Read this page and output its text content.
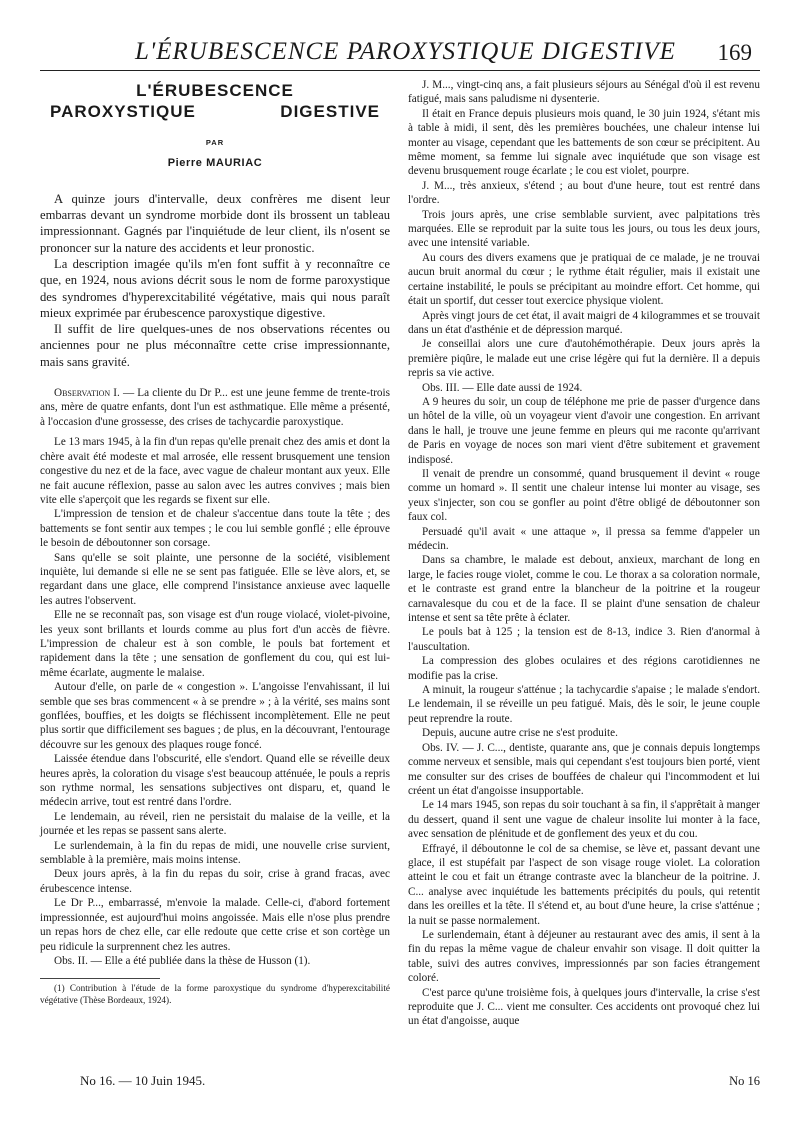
L'ÉRUBESCENCE PAROXYSTIQUE DIGESTIVE 169
L'ÉRUBESCENCE
PAROXYSTIQUE DIGESTIVE
PAR
Pierre MAURIAC

A quinze jours d'intervalle, deux confrères me disent leur embarras devant un syndrome morbide dont ils brossent un tableau impressionnant. Gagnés par l'inquiétude de leur client, ils n'osent se prononcer sur la nature des accidents et leur pronostic.

La description imagée qu'ils m'en font suffit à y reconnaître ce que, en 1924, nous avions décrit sous le nom de forme paroxystique des syndromes d'hyperexcitabilité végétative, mais qui nous paraît mieux exprimée par érubescence paroxystique digestive.

Il suffit de lire quelques-unes de nos observations récentes ou anciennes pour ne plus méconnaître cette crise impressionnante, mais sans gravité.

Observation I. — La cliente du Dr P... est une jeune femme de trente-trois ans, mère de quatre enfants, dont l'un est asthmatique. Elle même a présenté, à l'occasion d'une grossesse, des crises de tachycardie paroxystique.

Le 13 mars 1945, à la fin d'un repas qu'elle prenait chez des amis et dont la chère avait été modeste et mal arrosée, elle ressent brusquement une tension congestive du nez et de la face, avec vague de chaleur montant aux yeux. Elle ne fait aucune réflexion, passe au salon avec les autres convives ; mais bien vite elle s'aperçoit que les regards se fixent sur elle.

L'impression de tension et de chaleur s'accentue dans toute la tête ; des battements se font sentir aux tempes ; le cou lui semble gonflé ; elle éprouve le besoin de déboutonner son corsage.

Sans qu'elle se soit plainte, une personne de la société, visiblement inquiète, lui demande si elle ne se sent pas fatiguée. Elle se lève alors, et, se regardant dans une glace, elle comprend l'insistance anxieuse avec laquelle les autres l'observent.

Elle ne se reconnaît pas, son visage est d'un rouge violacé, violet-pivoine, les yeux sont brillants et lourds comme au plus fort d'un accès de fièvre. L'impression de chaleur est à son comble, le pouls bat fortement et rapidement dans la tête ; une sensation de gonflement du cou, qui est lui-même écarlate, augmente le malaise.

Autour d'elle, on parle de « congestion ». L'angoisse l'envahissant, il lui semble que ses bras commencent « à se prendre » ; à la vérité, ses mains sont gonflées, bouffies, et les doigts se fléchissent incomplètement. Elle ne peut plus sortir que difficilement ses bagues ; de plus, en la découvrant, l'entourage découvre sur les genoux des plaques rouge foncé.

Laissée étendue dans l'obscurité, elle s'endort. Quand elle se réveille deux heures après, la coloration du visage s'est beaucoup atténuée, le pouls a repris son rythme normal, les sensations subjectives ont disparu, et, quand le médecin arrive, tout est rentré dans l'ordre.

Le lendemain, au réveil, rien ne persistait du malaise de la veille, et la journée et les repas se passent sans alerte.

Le surlendemain, à la fin du repas de midi, une nouvelle crise survient, semblable à la première, mais moins intense.

Deux jours après, à la fin du repas du soir, crise à grand fracas, avec érubescence intense.

Le Dr P..., embarrassé, m'envoie la malade. Celle-ci, d'abord fortement impressionnée, est aujourd'hui moins angoissée. Mais elle n'ose plus prendre un repas hors de chez elle, car elle redoute que cette crise et son cortège un peu ridicule la surprennent chez les autres.

Obs. II. — Elle a été publiée dans la thèse de Husson (1).

(1) Contribution à l'étude de la forme paroxystique du syndrome d'hyperexcitabilité végétative (Thèse Bordeaux, 1924).

J. M..., vingt-cinq ans, a fait plusieurs séjours au Sénégal d'où il est revenu fatigué, mais sans paludisme ni dysenterie.

Il était en France depuis plusieurs mois quand, le 30 juin 1924, s'étant mis à table à midi, il sent, dès les premières bouchées, une chaleur intense lui monter au visage, cependant que les battements de son cœur se précipitent. Au même moment, sa femme lui signale avec inquiétude que son visage est devenu brusquement rouge écarlate ; le cou est violet, pourpre.

J. M..., très anxieux, s'étend ; au bout d'une heure, tout est rentré dans l'ordre.

Trois jours après, une crise semblable survient, avec palpitations très marquées. Elle se reproduit par la suite tous les jours, ou tous les deux jours, avec une intensité variable.

Au cours des divers examens que je pratiquai de ce malade, je ne trouvai aucun bruit anormal du cœur ; le rythme était régulier, mais il existait une certaine instabilité, le pouls se précipitant au moindre effort. Cet homme, qui était un sportif, dut cesser tout exercice physique violent.

Après vingt jours de cet état, il avait maigri de 4 kilogrammes et se trouvait dans un état d'asthénie et de dépression marqué.

Je conseillai alors une cure d'autohémothérapie. Deux jours après la première piqûre, le malade eut une crise légère qui fut la dernière. Il a depuis repris sa vie active.

Obs. III. — Elle date aussi de 1924.

A 9 heures du soir, un coup de téléphone me prie de passer d'urgence dans un hôtel de la ville, où un voyageur vient d'avoir une congestion. En arrivant dans le hall, je trouve une jeune femme en pleurs qui me raconte qu'arrivant de Paris en voyage de noces son mari vient d'être subitement et gravement indisposé.

Il venait de prendre un consommé, quand brusquement il devint « rouge comme un homard ». Il sentit une chaleur intense lui monter au visage, ses yeux s'injecter, son cou se gonfler au point d'être obligé de déboutonner son faux col.

Persuadé qu'il avait « une attaque », il pressa sa femme d'appeler un médecin.

Dans sa chambre, le malade est debout, anxieux, marchant de long en large, le facies rouge violet, comme le cou. Le thorax a sa coloration normale, et le contraste est grand entre la blancheur de la poitrine et la rougeur carnavalesque du cou et de la face. Il se plaint d'une sensation de chaleur intense et sent sa tête prête à éclater.

Le pouls bat à 125 ; la tension est de 8-13, indice 3. Rien d'anormal à l'auscultation.

La compression des globes oculaires et des régions carotidiennes ne modifie pas la crise.

A minuit, la rougeur s'atténue ; la tachycardie s'apaise ; le malade s'endort. Le lendemain, il se réveille un peu fatigué. Mais, dès le soir, le jeune couple peut reprendre la route.

Depuis, aucune autre crise ne s'est produite.

Obs. IV. — J. C..., dentiste, quarante ans, que je connais depuis longtemps comme nerveux et sensible, mais qui cependant s'est toujours bien porté, vient me consulter sur des crises de bouffées de chaleur qui l'incommodent et lui créent un état d'angoisse insupportable.

Le 14 mars 1945, son repas du soir touchant à sa fin, il s'apprêtait à manger du dessert, quand il sent une vague de chaleur insolite lui monter à la face, avec sensation de plénitude et de gonflement des yeux et du cou.

Effrayé, il déboutonne le col de sa chemise, se lève et, passant devant une glace, il est stupéfait par l'aspect de son visage rouge violet. La coloration atteint le cou et fait un étrange contraste avec la blancheur de la poitrine. J. C... analyse avec inquiétude les battements précipités du pouls, qui retentit dans les oreilles et la tête. Il s'étend et, au bout d'une heure, la crise s'atténue ; la nuit se passe normalement.

Le surlendemain, étant à déjeuner au restaurant avec des amis, il sent à la fin du repas la même vague de chaleur envahir son visage. Il doit quitter la table, suivi des autres convives, impressionnés par son facies étrangement coloré.

C'est parce qu'une troisième fois, à quelques jours d'intervalle, la crise s'est reproduite que J. C... vient me consulter. Ces accidents ont provoqué chez lui un état d'angoisse, auque

No 16. — 10 Juin 1945.	No 16
